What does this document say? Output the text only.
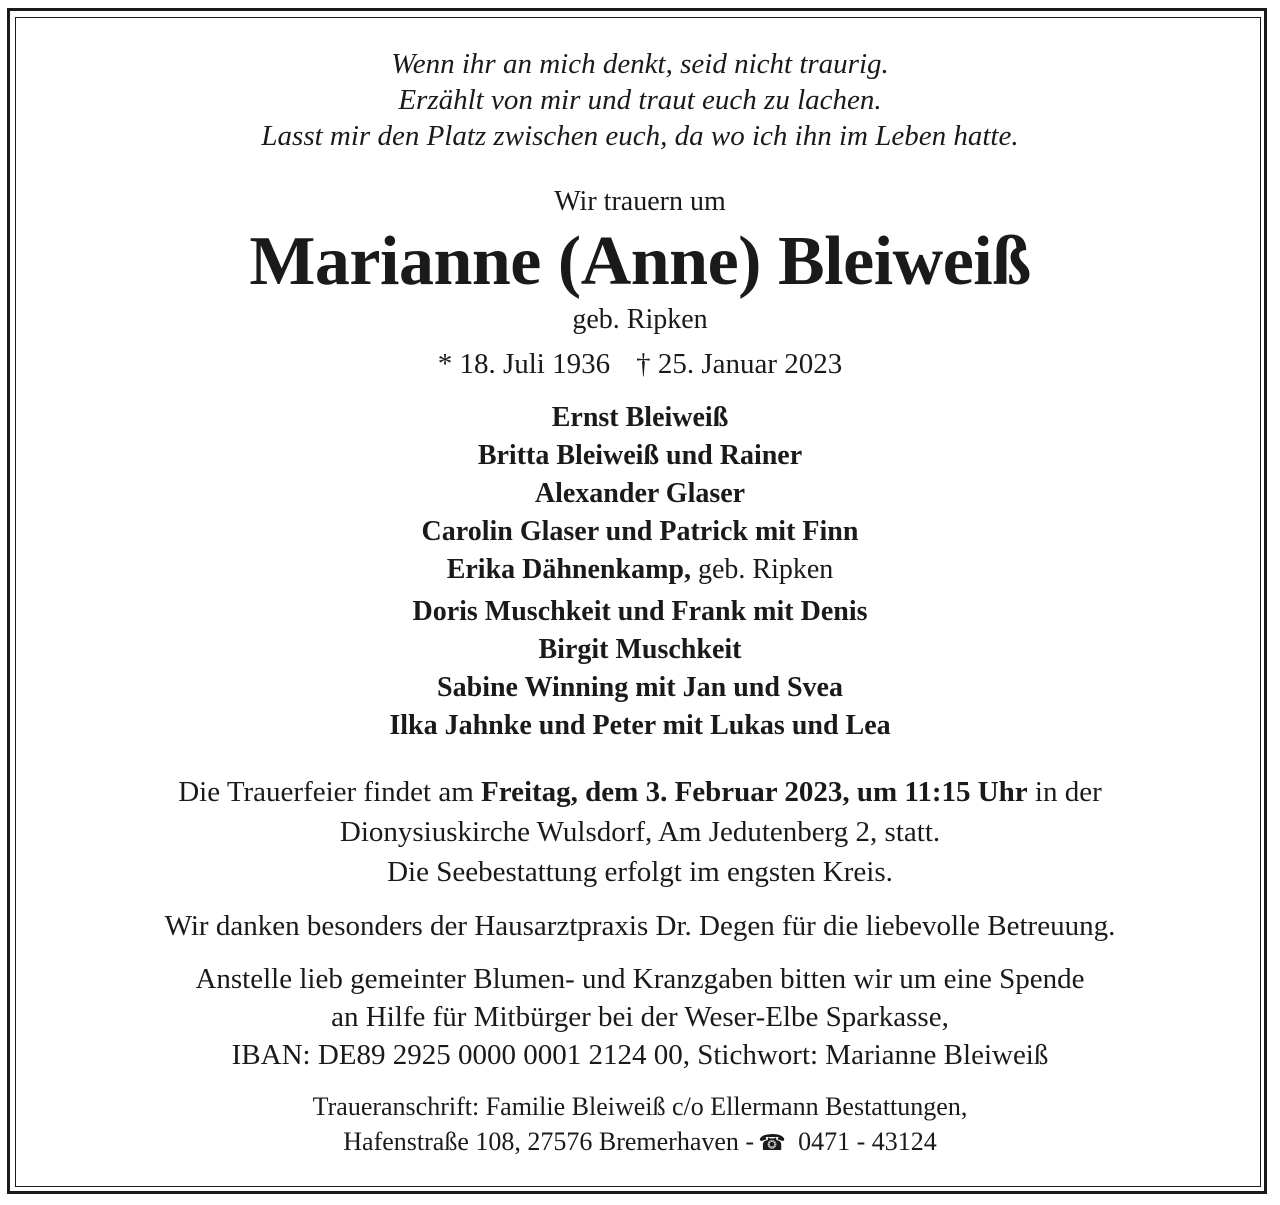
Wenn ihr an mich denkt, seid nicht traurig.
Erzählt von mir und traut euch zu lachen.
Lasst mir den Platz zwischen euch, da wo ich ihn im Leben hatte.
Wir trauern um
Marianne (Anne) Bleiweiß
geb. Ripken
* 18. Juli 1936 † 25. Januar 2023
Ernst Bleiweiß
Britta Bleiweiß und Rainer
Alexander Glaser
Carolin Glaser und Patrick mit Finn
Erika Dähnenkamp, geb. Ripken
Doris Muschkeit und Frank mit Denis
Birgit Muschkeit
Sabine Winning mit Jan und Svea
Ilka Jahnke und Peter mit Lukas und Lea
Die Trauerfeier findet am Freitag, dem 3. Februar 2023, um 11:15 Uhr in der
Dionysiuskirche Wulsdorf, Am Jedutenberg 2, statt.
Die Seebestattung erfolgt im engsten Kreis.
Wir danken besonders der Hausarztpraxis Dr. Degen für die liebevolle Betreuung.
Anstelle lieb gemeinter Blumen- und Kranzgaben bitten wir um eine Spende
an Hilfe für Mitbürger bei der Weser-Elbe Sparkasse,
IBAN: DE89 2925 0000 0001 2124 00, Stichwort: Marianne Bleiweiß
Traueranschrift: Familie Bleiweiß c/o Ellermann Bestattungen,
Hafenstraße 108, 27576 Bremerhaven - ☎ 0471 - 43124
